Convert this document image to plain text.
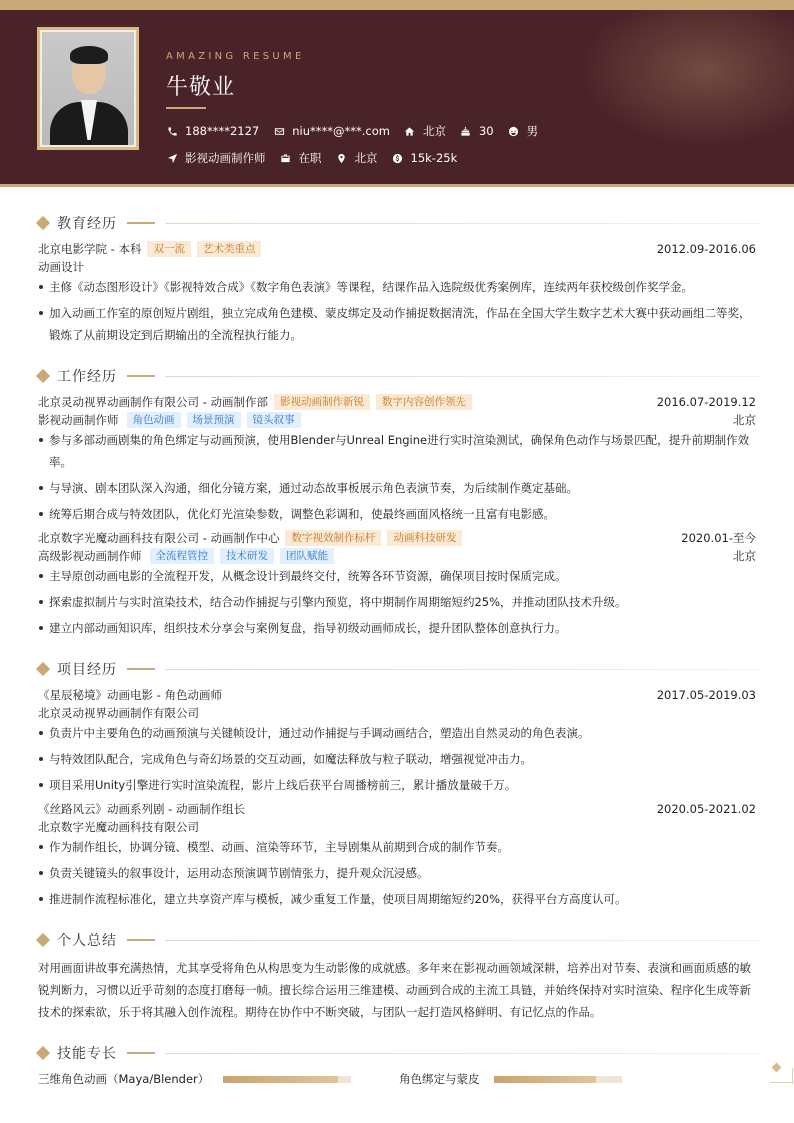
AMAZING RESUME
牛敬业
188****2127	niu****@***.com	北京	30	男
影视动画制作师	在职	北京	15k-25k
教育经历
北京电影学院 - 本科	双一流	艺术类重点	2012.09-2016.06
动画设计
主修《动态图形设计》《影视特效合成》《数字角色表演》等课程，结课作品入选院级优秀案例库，连续两年获校级创作奖学金。
加入动画工作室的原创短片剧组，独立完成角色建模、蒙皮绑定及动作捕捉数据清洗，作品在全国大学生数字艺术大赛中获动画组二等奖，锻炼了从前期设定到后期输出的全流程执行能力。
工作经历
北京灵动视界动画制作有限公司 - 动画制作部	影视动画制作新锐	数字内容创作领先	2016.07-2019.12
影视动画制作师	角色动画	场景预演	镜头叙事	北京
参与多部动画剧集的角色绑定与动画预演，使用Blender与Unreal Engine进行实时渲染测试，确保角色动作与场景匹配，提升前期制作效率。
与导演、剧本团队深入沟通，细化分镜方案，通过动态故事板展示角色表演节奏，为后续制作奠定基础。
统筹后期合成与特效团队，优化灯光渲染参数，调整色彩调和，使最终画面风格统一且富有电影感。
北京数字光魔动画科技有限公司 - 动画制作中心	数字视效制作标杆	动画科技研发	2020.01-至今
高级影视动画制作师	全流程管控	技术研发	团队赋能	北京
主导原创动画电影的全流程开发，从概念设计到最终交付，统筹各环节资源，确保项目按时保质完成。
探索虚拟制片与实时渲染技术，结合动作捕捉与引擎内预览，将中期制作周期缩短约25%，并推动团队技术升级。
建立内部动画知识库，组织技术分享会与案例复盘，指导初级动画师成长，提升团队整体创意执行力。
项目经历
《星辰秘境》动画电影 - 角色动画师	2017.05-2019.03
北京灵动视界动画制作有限公司
负责片中主要角色的动画预演与关键帧设计，通过动作捕捉与手调动画结合，塑造出自然灵动的角色表演。
与特效团队配合，完成角色与奇幻场景的交互动画，如魔法释放与粒子联动，增强视觉冲击力。
项目采用Unity引擎进行实时渲染流程，影片上线后获平台周播榜前三，累计播放量破千万。
《丝路风云》动画系列剧 - 动画制作组长	2020.05-2021.02
北京数字光魔动画科技有限公司
作为制作组长，协调分镜、模型、动画、渲染等环节，主导剧集从前期到合成的制作节奏。
负责关键镜头的叙事设计，运用动态预演调节剧情张力，提升观众沉浸感。
推进制作流程标准化，建立共享资产库与模板，减少重复工作量，使项目周期缩短约20%，获得平台方高度认可。
个人总结
对用画面讲故事充满热情，尤其享受将角色从构思变为生动影像的成就感。多年来在影视动画领域深耕，培养出对节奏、表演和画面质感的敏锐判断力，习惯以近乎苛刻的态度打磨每一帧。擅长综合运用三维建模、动画到合成的主流工具链，并始终保持对实时渲染、程序化生成等新技术的探索欲，乐于将其融入创作流程。期待在协作中不断突破，与团队一起打造风格鲜明、有记忆点的作品。
技能专长
三维角色动画（Maya/Blender）	角色绑定与蒙皮
